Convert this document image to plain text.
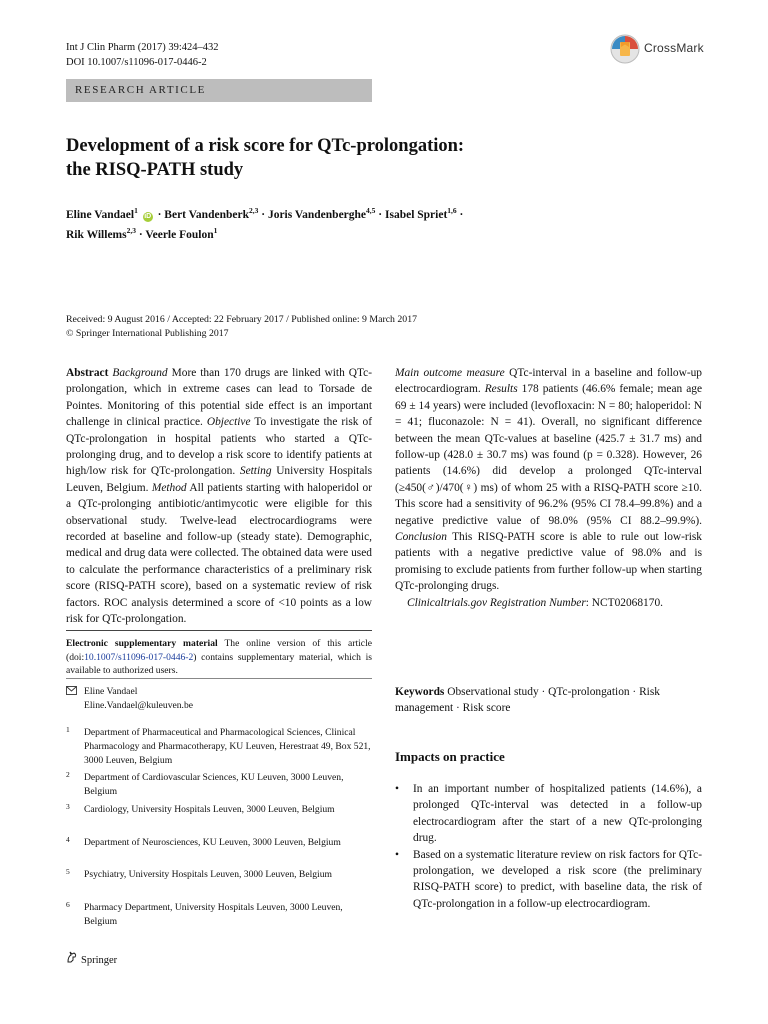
Int J Clin Pharm (2017) 39:424–432
DOI 10.1007/s11096-017-0446-2
CrossMark
RESEARCH ARTICLE
Development of a risk score for QTc-prolongation:
the RISQ-PATH study
Eline Vandael$^1$ iD · Bert Vandenberk$^{2,3}$ · Joris Vandenberghe$^{4,5}$ · Isabel Spriet$^{1,6}$ ·
Rik Willems$^{2,3}$ · Veerle Foulon$^1$
Received: 9 August 2016 / Accepted: 22 February 2017 / Published online: 9 March 2017
© Springer International Publishing 2017
Abstract Background More than 170 drugs are linked with QTc-prolongation, which in extreme cases can lead to Torsade de Pointes. Monitoring of this potential side effect is an important challenge in clinical practice. Objective To investigate the risk of QTc-prolongation in hospital patients who started a QTc-prolonging drug, and to develop a risk score to identify patients at high/low risk for QTc-prolongation. Setting University Hospitals Leuven, Belgium. Method All patients starting with haloperidol or a QTc-prolonging antibiotic/antimycotic were eligible for this observational study. Twelve-lead electrocardiograms were recorded at baseline and follow-up (steady state). Demographic, medical and drug data were collected. The obtained data were used to calculate the performance characteristics of a preliminary risk score (RISQ-PATH score), based on a systematic review of risk factors. ROC analysis determined a score of <10 points as a low risk for QTc-prolongation.
Main outcome measure QTc-interval in a baseline and follow-up electrocardiogram. Results 178 patients (46.6% female; mean age 69 ± 14 years) were included (levofloxacin: N = 80; haloperidol: N = 41; fluconazole: N = 41). Overall, no significant difference between the mean QTc-values at baseline (425.7 ± 31.7 ms) and follow-up (428.0 ± 30.7 ms) was found (p = 0.328). However, 26 patients (14.6%) did develop a prolonged QTc-interval (≥450(♂)/470(♀) ms) of whom 25 with a RISQ-PATH score ≥10. This score had a sensitivity of 96.2% (95% CI 78.4–99.8%) and a negative predictive value of 98.0% (95% CI 88.2–99.9%). Conclusion This RISQ-PATH score is able to rule out low-risk patients with a negative predictive value of 98.0% and is promising to exclude patients from further follow-up when starting QTc-prolonging drugs.
Clinicaltrials.gov Registration Number: NCT02068170.
Electronic supplementary material The online version of this article (doi:10.1007/s11096-017-0446-2) contains supplementary material, which is available to authorized users.
Eline Vandael
Eline.Vandael@kuleuven.be
1 Department of Pharmaceutical and Pharmacological Sciences, Clinical Pharmacology and Pharmacotherapy, KU Leuven, Herestraat 49, Box 521, 3000 Leuven, Belgium
2 Department of Cardiovascular Sciences, KU Leuven, 3000 Leuven, Belgium
3 Cardiology, University Hospitals Leuven, 3000 Leuven, Belgium
4 Department of Neurosciences, KU Leuven, 3000 Leuven, Belgium
5 Psychiatry, University Hospitals Leuven, 3000 Leuven, Belgium
6 Pharmacy Department, University Hospitals Leuven, 3000 Leuven, Belgium
Keywords Observational study · QTc-prolongation · Risk management · Risk score
Impacts on practice
• In an important number of hospitalized patients (14.6%), a prolonged QTc-interval was detected in a follow-up electrocardiogram after the start of a new QTc-prolonging drug.
• Based on a systematic literature review on risk factors for QTc-prolongation, we developed a risk score (the preliminary RISQ-PATH score) to predict, with baseline data, the risk of QTc-prolongation in a follow-up electrocardiogram.
Springer
